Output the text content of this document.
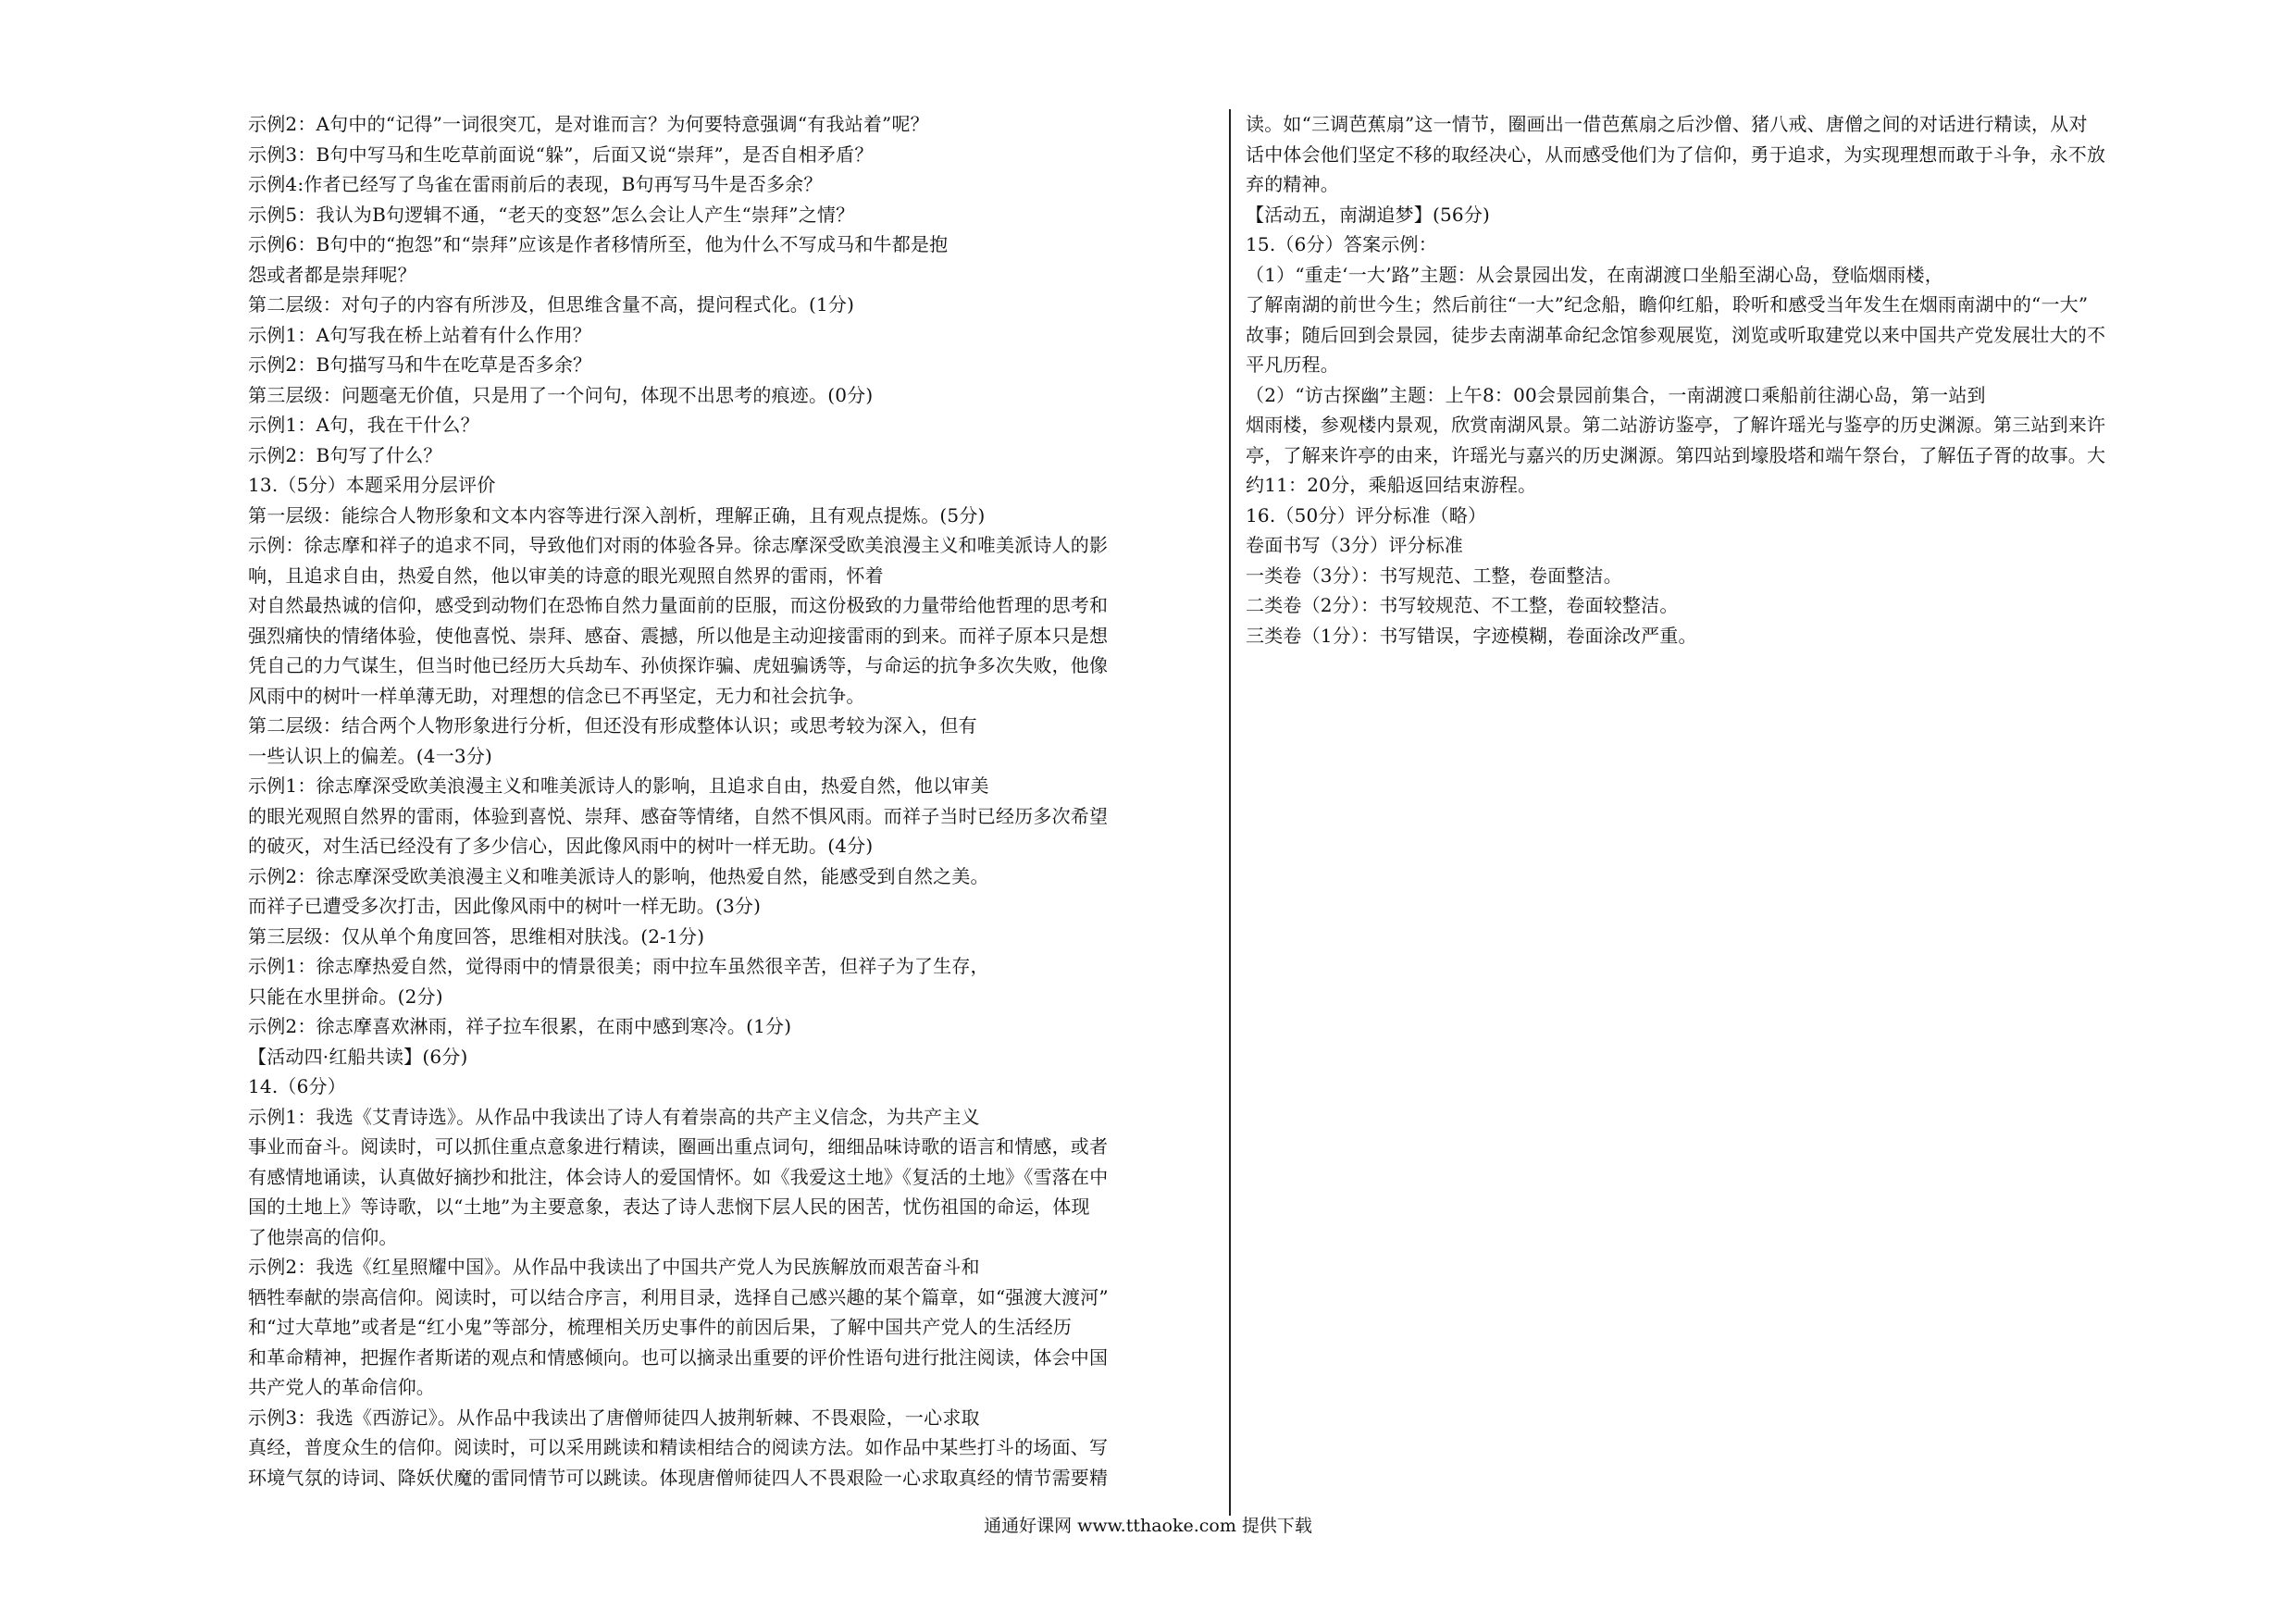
示例2：A句中的“记得”一词很突兀，是对谁而言？为何要特意强调“有我站着”呢？
示例3：B句中写马和生吃草前面说“躲”，后面又说“崇拜”，是否自相矛盾？
示例4:作者已经写了鸟雀在雷雨前后的表现，B句再写马牛是否多余？
示例5：我认为B句逻辑不通，“老天的变怒”怎么会让人产生“崇拜”之情？
示例6：B句中的“抱怨”和“崇拜”应该是作者移情所至，他为什么不写成马和牛都是抱
怨或者都是崇拜呢？
第二层级：对句子的内容有所涉及，但思维含量不高，提问程式化。(1分)
示例1：A句写我在桥上站着有什么作用？
示例2：B句描写马和牛在吃草是否多余？
第三层级：问题毫无价值，只是用了一个问句，体现不出思考的痕迹。(0分)
示例1：A句，我在干什么？
示例2：B句写了什么？
13.（5分）本题采用分层评价
第一层级：能综合人物形象和文本内容等进行深入剖析，理解正确，且有观点提炼。(5分)
示例：徐志摩和祥子的追求不同，导致他们对雨的体验各异。徐志摩深受欧美浪漫主义和唯美派诗人的影
响，且追求自由，热爱自然，他以审美的诗意的眼光观照自然界的雷雨，怀着
对自然最热诚的信仰，感受到动物们在恐怖自然力量面前的臣服，而这份极致的力量带给他哲理的思考和
强烈痛快的情绪体验，使他喜悦、崇拜、感奋、震撼，所以他是主动迎接雷雨的到来。而祥子原本只是想
凭自己的力气谋生，但当时他已经历大兵劫车、孙侦探诈骗、虎妞骗诱等，与命运的抗争多次失败，他像
风雨中的树叶一样单薄无助，对理想的信念已不再坚定，无力和社会抗争。
第二层级：结合两个人物形象进行分析，但还没有形成整体认识；或思考较为深入，但有
一些认识上的偏差。(4一3分)
示例1：徐志摩深受欧美浪漫主义和唯美派诗人的影响，且追求自由，热爱自然，他以审美
的眼光观照自然界的雷雨，体验到喜悦、崇拜、感奋等情绪，自然不惧风雨。而祥子当时已经历多次希望
的破灭，对生活已经没有了多少信心，因此像风雨中的树叶一样无助。(4分)
示例2：徐志摩深受欧美浪漫主义和唯美派诗人的影响，他热爱自然，能感受到自然之美。
而祥子已遭受多次打击，因此像风雨中的树叶一样无助。(3分)
第三层级：仅从单个角度回答，思维相对肤浅。(2-1分)
示例1：徐志摩热爱自然，觉得雨中的情景很美；雨中拉车虽然很辛苦，但祥子为了生存，
只能在水里拼命。(2分)
示例2：徐志摩喜欢淋雨，祥子拉车很累，在雨中感到寒冷。(1分)
【活动四·红船共读】(6分)
14.（6分）
示例1：我选《艾青诗选》。从作品中我读出了诗人有着崇高的共产主义信念，为共产主义
事业而奋斗。阅读时，可以抓住重点意象进行精读，圈画出重点词句，细细品味诗歌的语言和情感，或者
有感情地诵读，认真做好摘抄和批注，体会诗人的爱国情怀。如《我爱这土地》《复活的土地》《雪落在中
国的土地上》等诗歌，以“土地”为主要意象，表达了诗人悲悯下层人民的困苦，忧伤祖国的命运，体现
了他崇高的信仰。
示例2：我选《红星照耀中国》。从作品中我读出了中国共产党人为民族解放而艰苦奋斗和
牺牲奉献的崇高信仰。阅读时，可以结合序言，利用目录，选择自己感兴趣的某个篇章，如“强渡大渡河”
和“过大草地”或者是“红小鬼”等部分，梳理相关历史事件的前因后果，了解中国共产党人的生活经历
和革命精神，把握作者斯诺的观点和情感倾向。也可以摘录出重要的评价性语句进行批注阅读，体会中国
共产党人的革命信仰。
示例3：我选《西游记》。从作品中我读出了唐僧师徒四人披荆斩棘、不畏艰险，一心求取
真经，普度众生的信仰。阅读时，可以采用跳读和精读相结合的阅读方法。如作品中某些打斗的场面、写
环境气氛的诗词、降妖伏魔的雷同情节可以跳读。体现唐僧师徒四人不畏艰险一心求取真经的情节需要精
读。如“三调芭蕉扇”这一情节，圈画出一借芭蕉扇之后沙僧、猪八戒、唐僧之间的对话进行精读，从对
话中体会他们坚定不移的取经决心，从而感受他们为了信仰，勇于追求，为实现理想而敢于斗争，永不放
弃的精神。
【活动五，南湖追梦】(56分)
15.（6分）答案示例：
（1）“重走‘一大’路”主题：从会景园出发，在南湖渡口坐船至湖心岛，登临烟雨楼，
了解南湖的前世今生；然后前往“一大”纪念船，瞻仰红船，聆听和感受当年发生在烟雨南湖中的“一大”
故事；随后回到会景园，徒步去南湖革命纪念馆参观展览，浏览或听取建党以来中国共产党发展壮大的不
平凡历程。
（2）“访古探幽”主题：上午8：00会景园前集合，一南湖渡口乘船前往湖心岛，第一站到
烟雨楼，参观楼内景观，欣赏南湖风景。第二站游访鉴亭，了解许瑶光与鉴亭的历史渊源。第三站到来许
亭，了解来许亭的由来，许瑶光与嘉兴的历史渊源。第四站到壕股塔和端午祭台，了解伍子胥的故事。大
约11：20分，乘船返回结束游程。
16.（50分）评分标准（略）
卷面书写（3分）评分标准
一类卷（3分）：书写规范、工整，卷面整洁。
二类卷（2分）：书写较规范、不工整，卷面较整洁。
三类卷（1分）：书写错误，字迹模糊，卷面涂改严重。
通通好课网 www.tthaoke.com 提供下载
